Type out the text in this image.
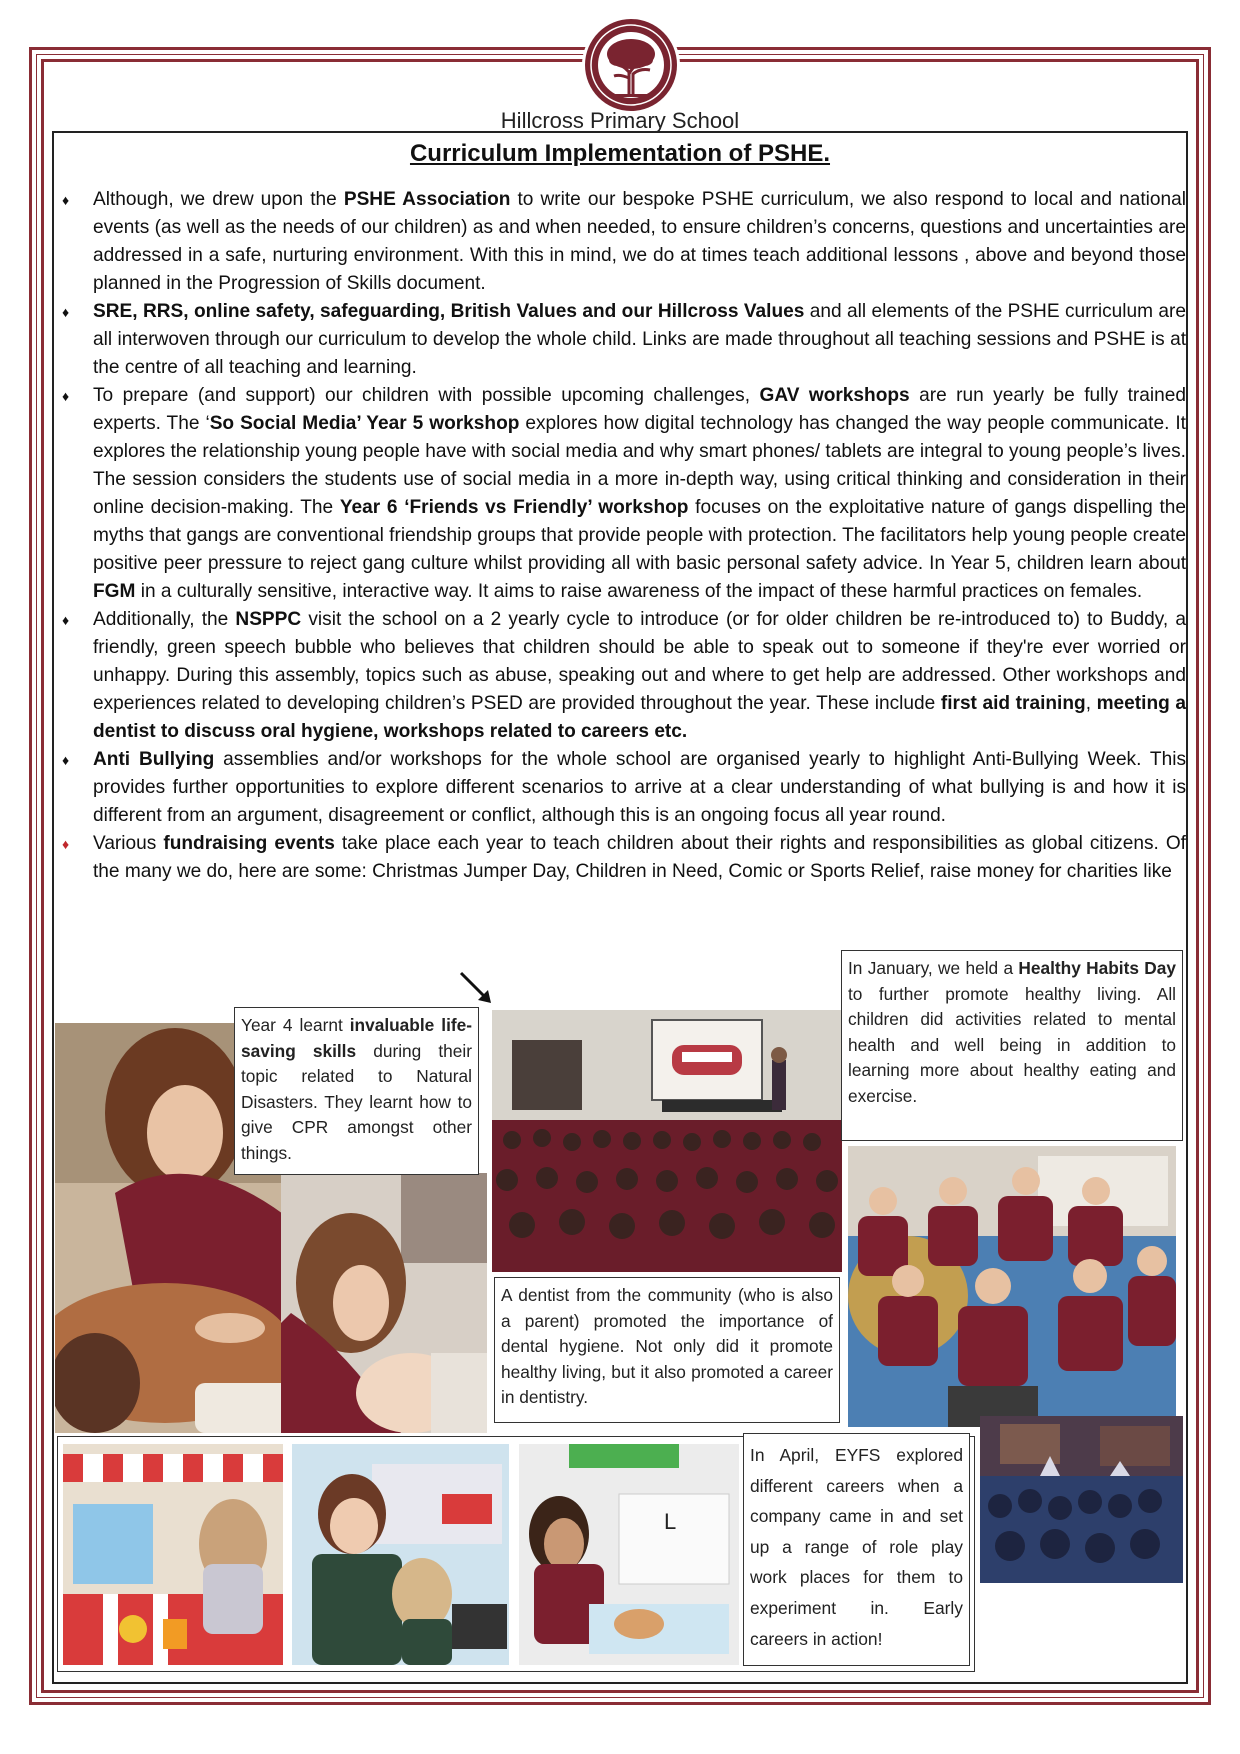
Hillcross Primary School
Curriculum Implementation of PSHE.
♦ Although, we drew upon the PSHE Association to write our bespoke PSHE curriculum, we also respond to local and national events (as well as the needs of our children) as and when needed, to ensure children’s concerns, questions and uncertainties are addressed in a safe, nurturing environment. With this in mind, we do at times teach additional lessons , above and beyond those planned in the Progression of Skills document.
♦ SRE, RRS, online safety, safeguarding, British Values and our Hillcross Values and all elements of the PSHE curriculum are all interwoven through our curriculum to develop the whole child. Links are made throughout all teaching sessions and PSHE is at the centre of all teaching and learning.
♦ To prepare (and support) our children with possible upcoming challenges, GAV workshops are run yearly be fully trained experts. The ‘So Social Media’ Year 5 workshop explores how digital technology has changed the way people communicate. It explores the relationship young people have with social media and why smart phones/ tablets are integral to young people’s lives. The session considers the students use of social media in a more in-depth way, using critical thinking and consideration in their online decision-making. The Year 6 ‘Friends vs Friendly’ workshop focuses on the exploitative nature of gangs dispelling the myths that gangs are conventional friendship groups that provide people with protection. The facilitators help young people create positive peer pressure to reject gang culture whilst providing all with basic personal safety advice. In Year 5, children learn about FGM in a culturally sensitive, interactive way. It aims to raise awareness of the impact of these harmful practices on females.
♦ Additionally, the NSPPC visit the school on a 2 yearly cycle to introduce (or for older children be re-introduced to) to Buddy, a friendly, green speech bubble who believes that children should be able to speak out to someone if they're ever worried or unhappy. During this assembly, topics such as abuse, speaking out and where to get help are addressed. Other workshops and experiences related to developing children’s PSED are provided throughout the year. These include first aid training, meeting a dentist to discuss oral hygiene, workshops related to careers etc.
♦ Anti Bullying assemblies and/or workshops for the whole school are organised yearly to highlight Anti-Bullying Week. This provides further opportunities to explore different scenarios to arrive at a clear understanding of what bullying is and how it is different from an argument, disagreement or conflict, although this is an ongoing focus all year round.
♦ Various fundraising events take place each year to teach children about their rights and responsibilities as global citizens. Of the many we do, here are some: Christmas Jumper Day, Children in Need, Comic or Sports Relief, raise money for charities like
L
In January, we held a Healthy Habits Day to further promote healthy living. All children did activities related to mental health and well being in addition to learning more about healthy eating and exercise.
Year 4 learnt invaluable life-saving skills during their topic related to Natural Disasters. They learnt how to give CPR amongst other things.
A dentist from the community (who is also a parent) promoted the importance of dental hygiene. Not only did it promote healthy living, but it also promoted a career in dentistry.
In April, EYFS explored different careers when a company came in and set up a range of role play work places for them to experiment in. Early careers in action!
